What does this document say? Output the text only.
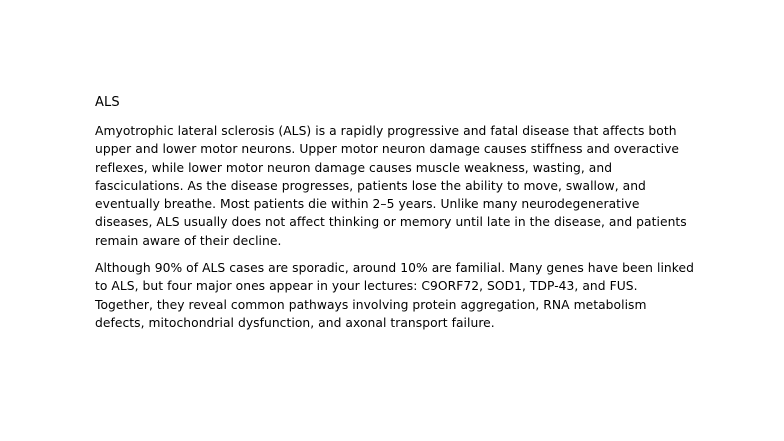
ALS

Amyotrophic lateral sclerosis (ALS) is a rapidly progressive and fatal disease that affects both upper and lower motor neurons. Upper motor neuron damage causes stiffness and overactive reflexes, while lower motor neuron damage causes muscle weakness, wasting, and fasciculations. As the disease progresses, patients lose the ability to move, swallow, and eventually breathe. Most patients die within 2–5 years. Unlike many neurodegenerative diseases, ALS usually does not affect thinking or memory until late in the disease, and patients remain aware of their decline.

Although 90% of ALS cases are sporadic, around 10% are familial. Many genes have been linked to ALS, but four major ones appear in your lectures: C9ORF72, SOD1, TDP-43, and FUS. Together, they reveal common pathways involving protein aggregation, RNA metabolism defects, mitochondrial dysfunction, and axonal transport failure.
